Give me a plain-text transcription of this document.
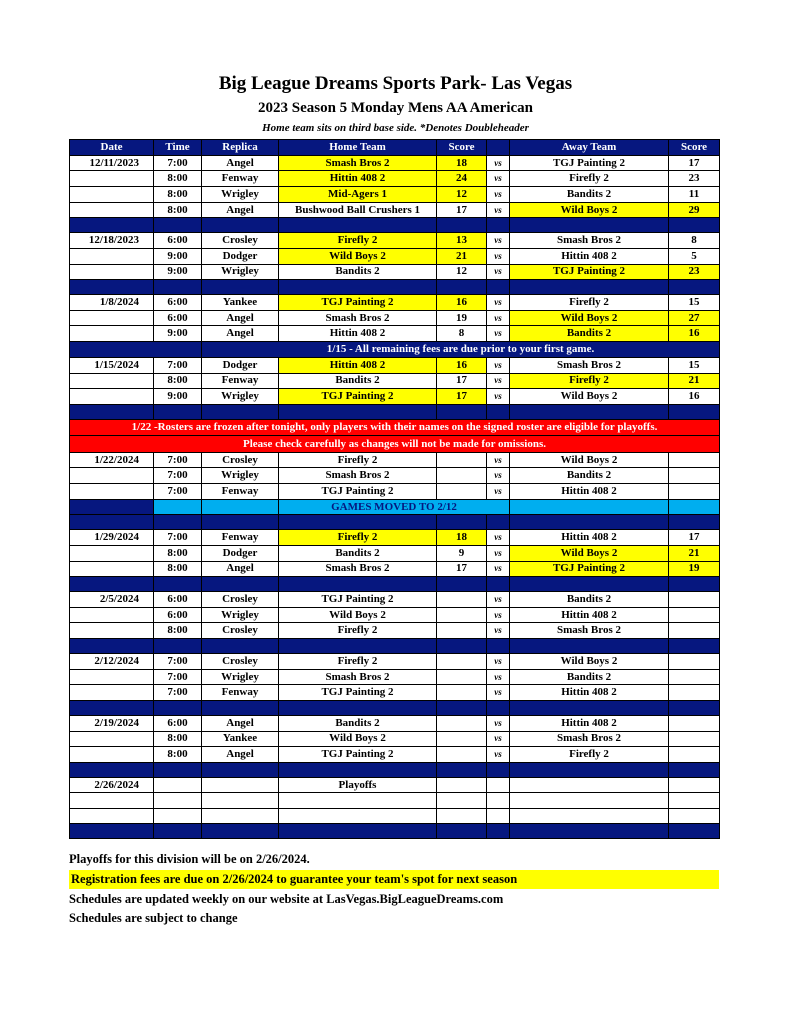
Big League Dreams Sports Park- Las Vegas
2023 Season 5 Monday Mens AA American
Home team sits on third base side. *Denotes Doubleheader
Date	Time	Replica	Home Team	Score		Away Team	Score
12/11/2023	7:00	Angel	Smash Bros 2	18	vs	TGJ Painting 2	17
	8:00	Fenway	Hittin 408 2	24	vs	Firefly 2	23
	8:00	Wrigley	Mid-Agers 1	12	vs	Bandits 2	11
	8:00	Angel	Bushwood Ball Crushers 1	17	vs	Wild Boys 2	29

12/18/2023	6:00	Crosley	Firefly 2	13	vs	Smash Bros 2	8
	9:00	Dodger	Wild Boys 2	21	vs	Hittin 408 2	5
	9:00	Wrigley	Bandits 2	12	vs	TGJ Painting 2	23

1/8/2024	6:00	Yankee	TGJ Painting 2	16	vs	Firefly 2	15
	6:00	Angel	Smash Bros 2	19	vs	Wild Boys 2	27
	9:00	Angel	Hittin 408 2	8	vs	Bandits 2	16
		1/15 - All remaining fees are due prior to your first game.					
1/15/2024	7:00	Dodger	Hittin 408 2	16	vs	Smash Bros 2	15
	8:00	Fenway	Bandits 2	17	vs	Firefly 2	21
	9:00	Wrigley	TGJ Painting 2	17	vs	Wild Boys 2	16

1/22 -Rosters are frozen after tonight, only players with their names on the signed roster are eligible for playoffs.							
Please check carefully as changes will not be made for omissions.							
1/22/2024	7:00	Crosley	Firefly 2		vs	Wild Boys 2	
	7:00	Wrigley	Smash Bros 2		vs	Bandits 2	
	7:00	Fenway	TGJ Painting 2		vs	Hittin 408 2	
			GAMES MOVED TO 2/12				

1/29/2024	7:00	Fenway	Firefly 2	18	vs	Hittin 408 2	17
	8:00	Dodger	Bandits 2	9	vs	Wild Boys 2	21
	8:00	Angel	Smash Bros 2	17	vs	TGJ Painting 2	19

2/5/2024	6:00	Crosley	TGJ Painting 2		vs	Bandits 2	
	6:00	Wrigley	Wild Boys 2		vs	Hittin 408 2	
	8:00	Crosley	Firefly 2		vs	Smash Bros 2	

2/12/2024	7:00	Crosley	Firefly 2		vs	Wild Boys 2	
	7:00	Wrigley	Smash Bros 2		vs	Bandits 2	
	7:00	Fenway	TGJ Painting 2		vs	Hittin 408 2	

2/19/2024	6:00	Angel	Bandits 2		vs	Hittin 408 2	
	8:00	Yankee	Wild Boys 2		vs	Smash Bros 2	
	8:00	Angel	TGJ Painting 2		vs	Firefly 2	

2/26/2024			Playoffs				

Playoffs for this division will be on 2/26/2024.
Registration fees are due on 2/26/2024 to guarantee your team's spot for next season
Schedules are updated weekly on our website at LasVegas.BigLeagueDreams.com
Schedules are subject to change
